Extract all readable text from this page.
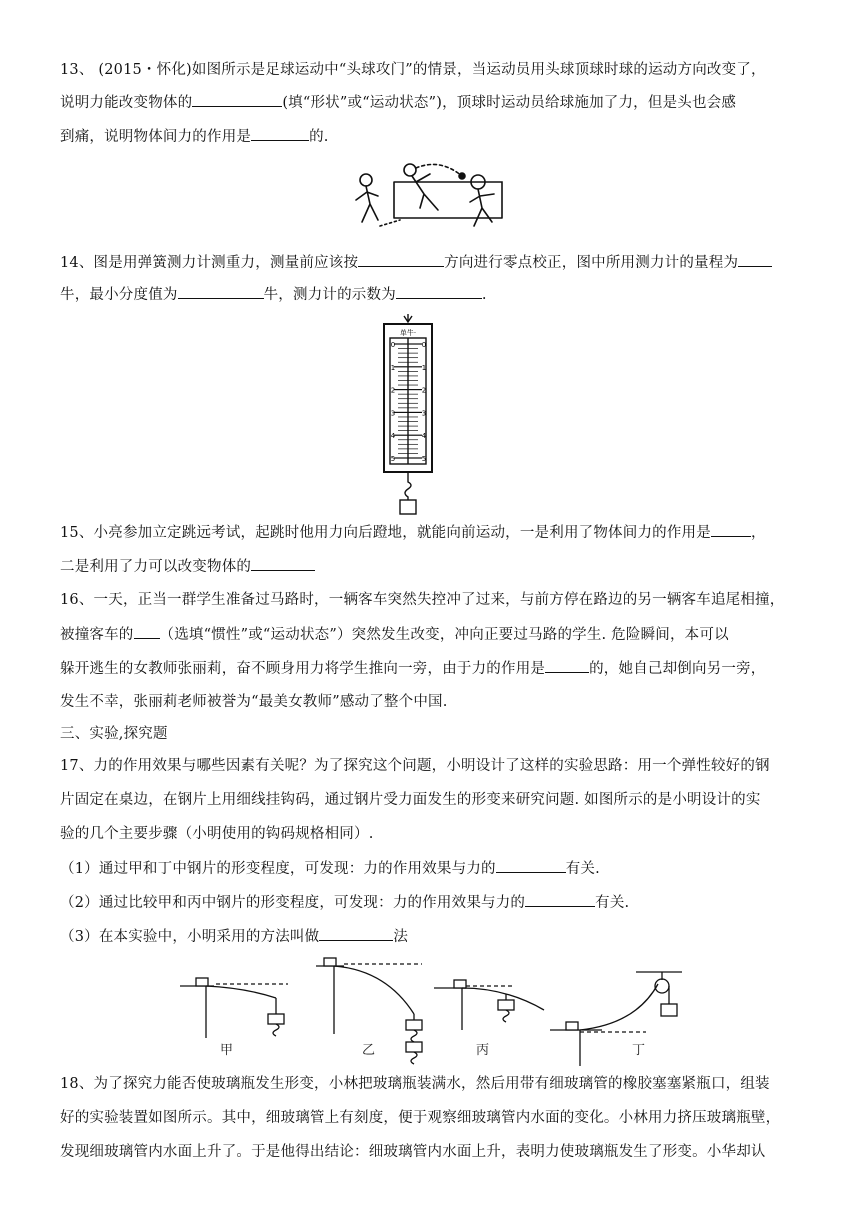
13、 (2015・怀化)如图所示是足球运动中“头球攻门”的情景，当运动员用头球顶球时球的运动方向改变了，
说明力能改变物体的	(填“形状”或“运动状态”)，顶球时运动员给球施加了力，但是头也会感
到痛，说明物体间力的作用是	的.
14、图是用弹簧测力计测重力，测量前应该按	方向进行零点校正，图中所用测力计的量程为
牛，最小分度值为	牛，测力计的示数为	.
单牛·
0	0
1	1
2	2
3	3
4	4
5	5
15、小亮参加立定跳远考试，起跳时他用力向后蹬地，就能向前运动，一是利用了物体间力的作用是	，
二是利用了力可以改变物体的
16、一天，正当一群学生准备过马路时，一辆客车突然失控冲了过来，与前方停在路边的另一辆客车追尾相撞，
被撞客车的 （选填“惯性”或“运动状态”）突然发生改变，冲向正要过马路的学生. 危险瞬间，本可以
躲开逃生的女教师张丽莉，奋不顾身用力将学生推向一旁，由于力的作用是	的，她自己却倒向另一旁，
发生不幸，张丽莉老师被誉为“最美女教师”感动了整个中国.
三、实验,探究题
17、力的作用效果与哪些因素有关呢？为了探究这个问题，小明设计了这样的实验思路：用一个弹性较好的钢
片固定在桌边，在钢片上用细线挂钩码，通过钢片受力面发生的形变来研究问题. 如图所示的是小明设计的实
验的几个主要步骤（小明使用的钩码规格相同）.
（1）通过甲和丁中钢片的形变程度，可发现：力的作用效果与力的	有关.
（2）通过比较甲和丙中钢片的形变程度，可发现：力的作用效果与力的	有关.
（3）在本实验中，小明采用的方法叫做	法
甲	乙	丙	丁
18、为了探究力能否使玻璃瓶发生形变，小林把玻璃瓶装满水，然后用带有细玻璃管的橡胶塞塞紧瓶口，组装
好的实验装置如图所示。其中，细玻璃管上有刻度，便于观察细玻璃管内水面的变化。小林用力挤压玻璃瓶壁，
发现细玻璃管内水面上升了。于是他得出结论：细玻璃管内水面上升，表明力使玻璃瓶发生了形变。小华却认
